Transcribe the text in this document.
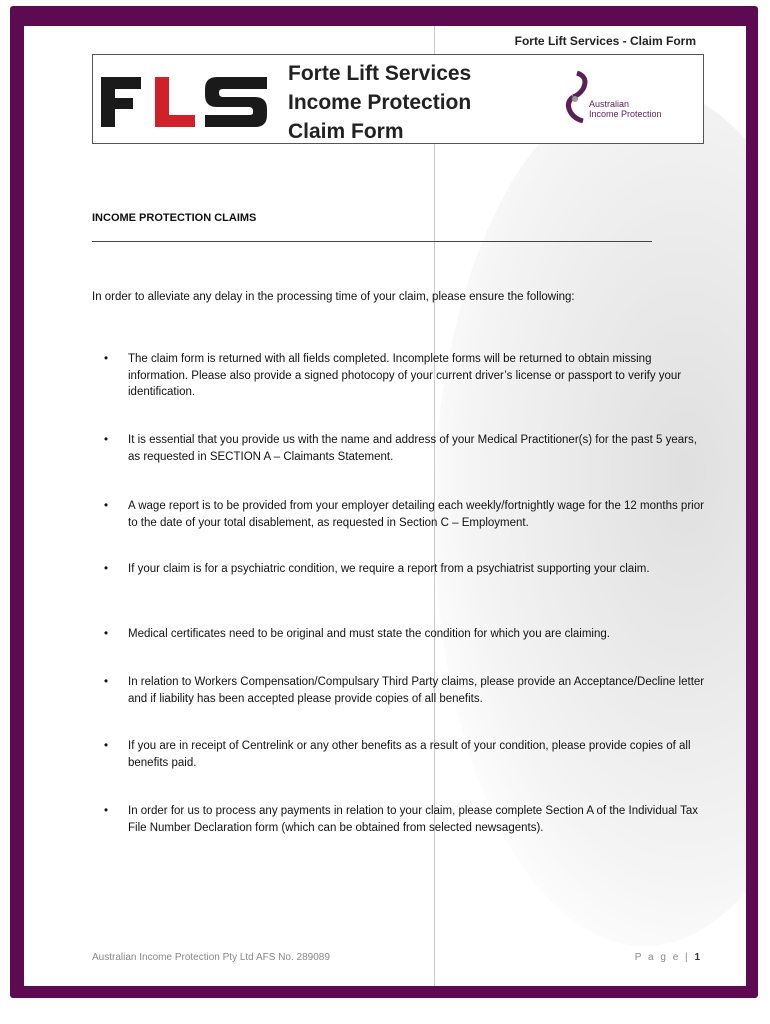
Forte Lift Services - Claim Form
Forte Lift Services
Income Protection
Claim Form
Australian
Income Protection
INCOME PROTECTION CLAIMS
In order to alleviate any delay in the processing time of your claim, please ensure the following:
•	The claim form is returned with all fields completed. Incomplete forms will be returned to obtain missing information. Please also provide a signed photocopy of your current driver’s license or passport to verify your identification.
•	It is essential that you provide us with the name and address of your Medical Practitioner(s) for the past 5 years, as requested in SECTION A – Claimants Statement.
•	A wage report is to be provided from your employer detailing each weekly/fortnightly wage for the 12 months prior to the date of your total disablement, as requested in Section C – Employment.
•	If your claim is for a psychiatric condition, we require a report from a psychiatrist supporting your claim.
•	Medical certificates need to be original and must state the condition for which you are claiming.
•	In relation to Workers Compensation/Compulsary Third Party claims, please provide an Acceptance/Decline letter and if liability has been accepted please provide copies of all benefits.
•	If you are in receipt of Centrelink or any other benefits as a result of your condition, please provide copies of all benefits paid.
•	In order for us to process any payments in relation to your claim, please complete Section A of the Individual Tax File Number Declaration form (which can be obtained from selected newsagents).
Australian Income Protection Pty Ltd AFS No. 289089	P a g e | 1
